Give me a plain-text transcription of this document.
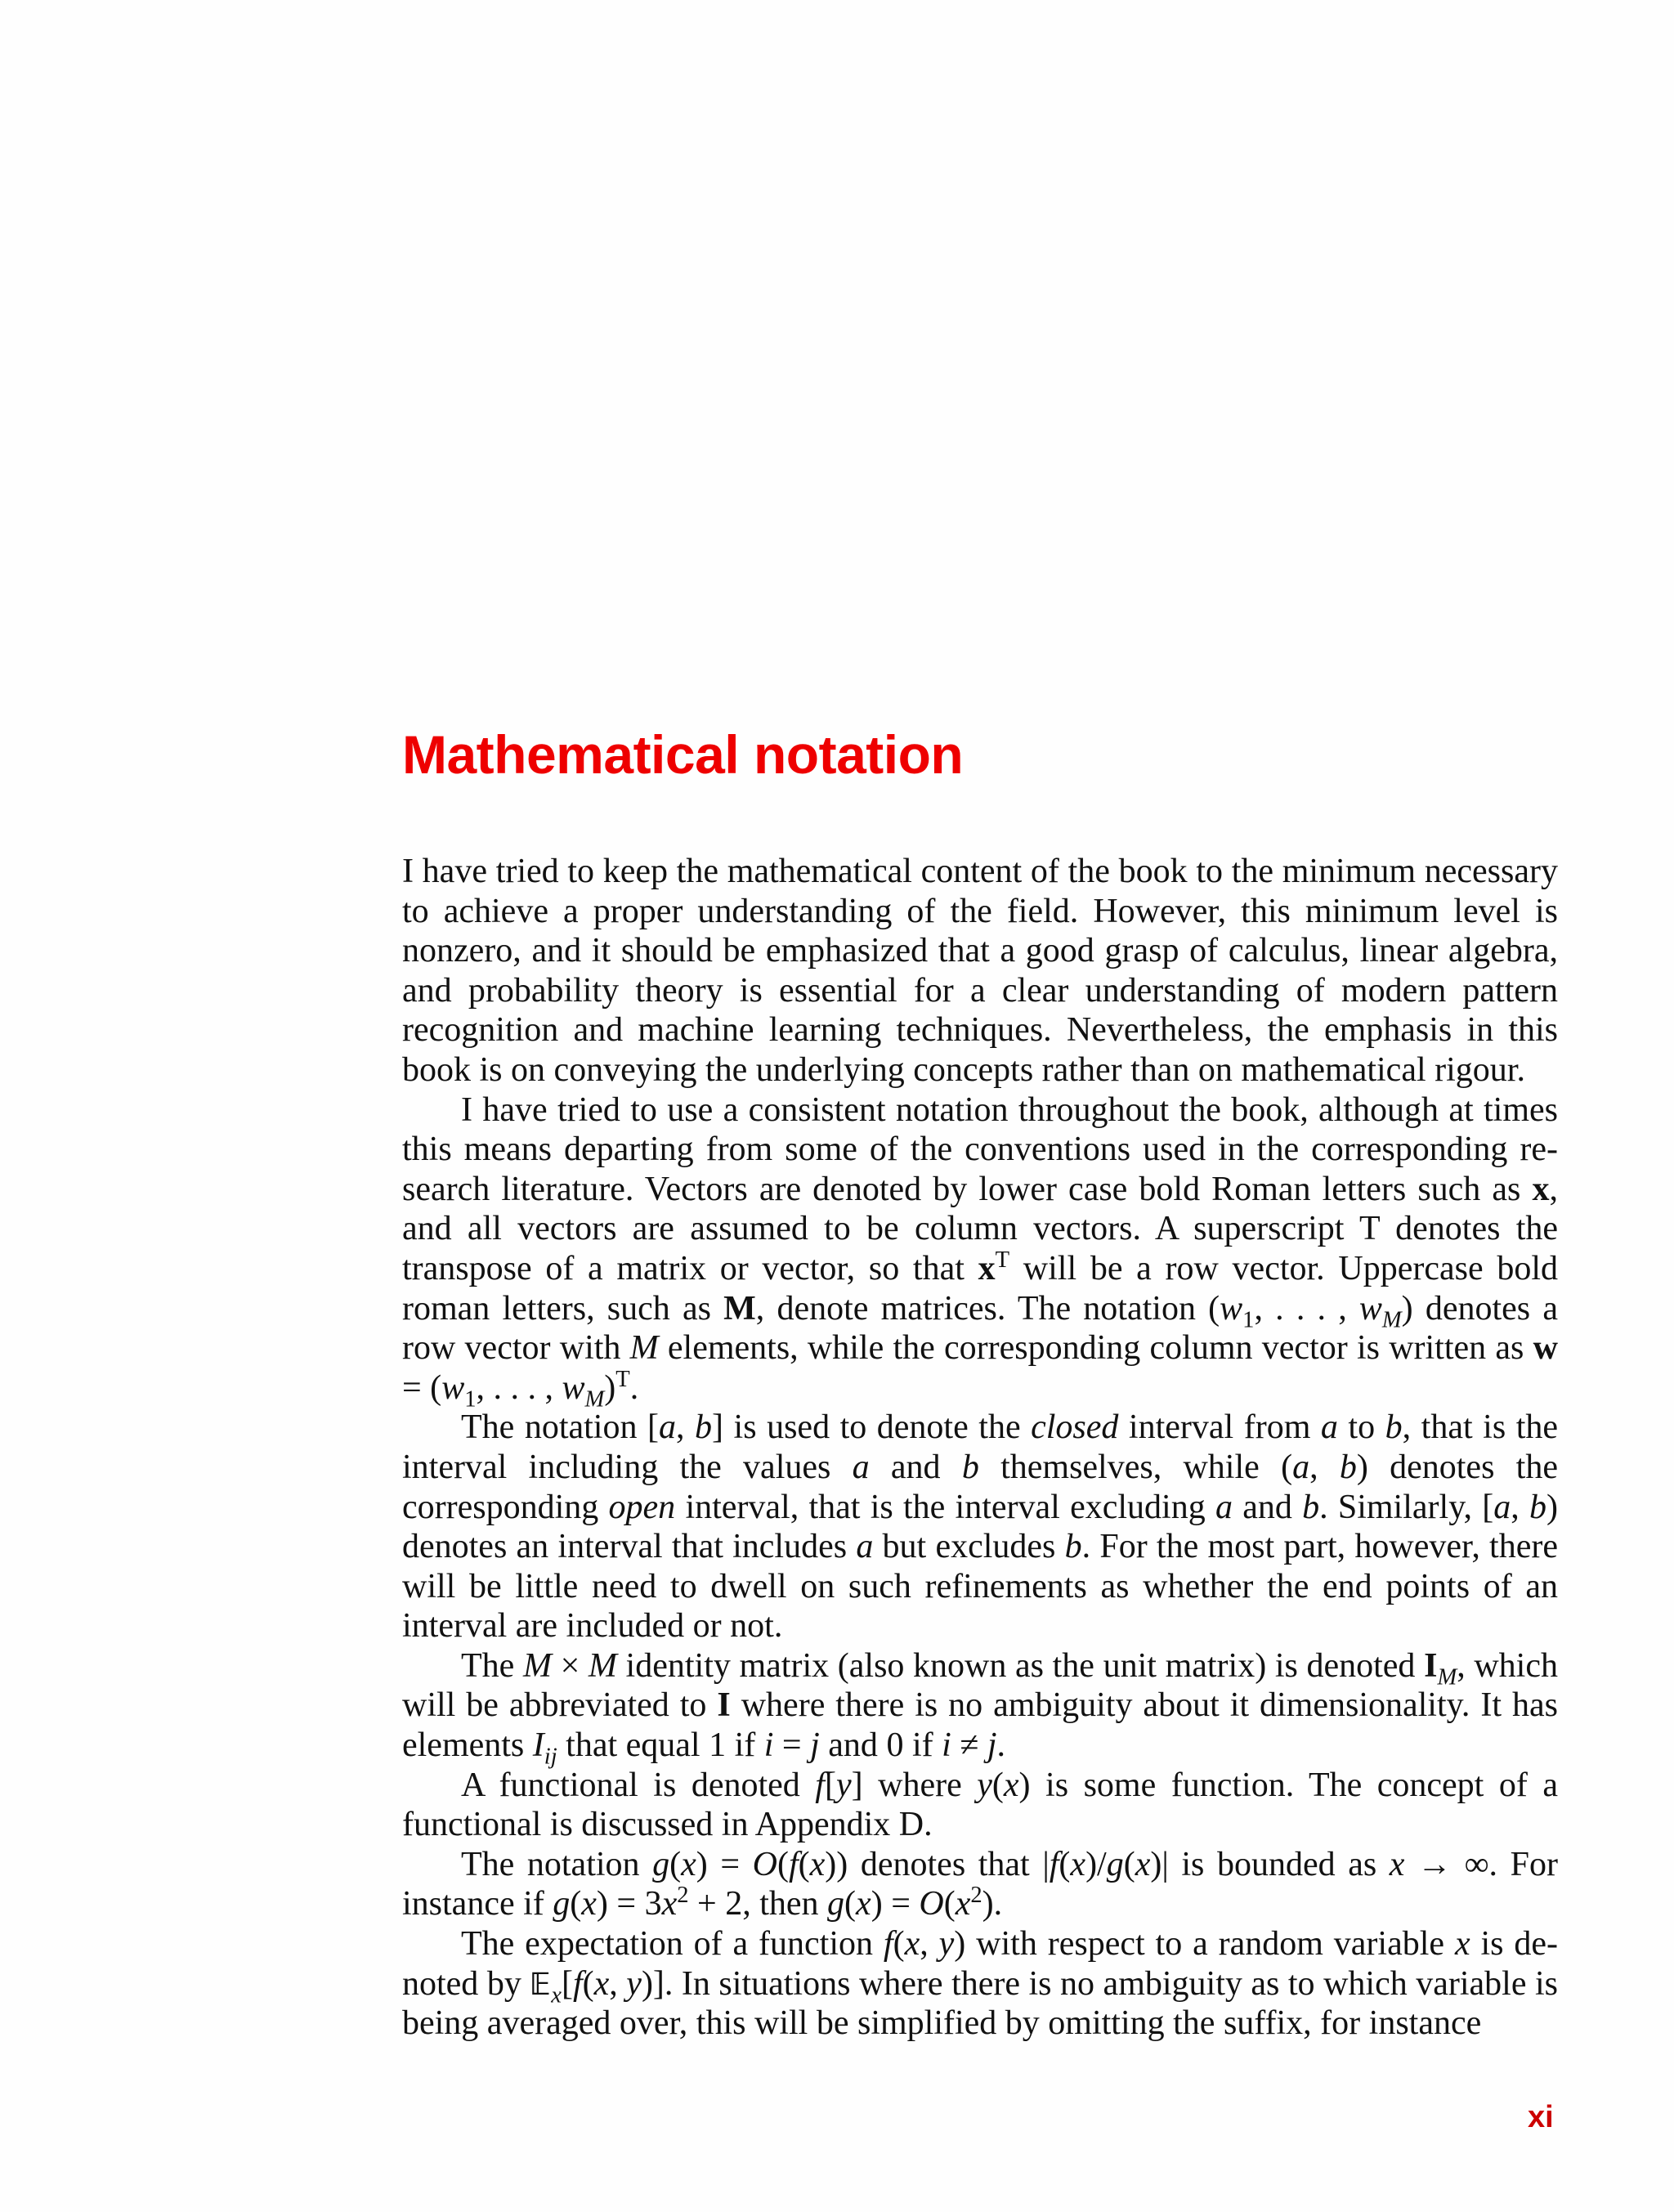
Mathematical notation

I have tried to keep the mathematical content of the book to the minimum necessary to achieve a proper understanding of the field. However, this minimum level is nonzero, and it should be emphasized that a good grasp of calculus, linear algebra, and probability theory is essential for a clear understanding of modern pattern recognition and machine learning techniques. Nevertheless, the emphasis in this book is on conveying the underlying concepts rather than on mathematical rigour.

I have tried to use a consistent notation throughout the book, although at times this means departing from some of the conventions used in the corresponding research literature. Vectors are denoted by lower case bold Roman letters such as x, and all vectors are assumed to be column vectors. A superscript T denotes the transpose of a matrix or vector, so that $x^T$ will be a row vector. Uppercase bold roman letters, such as M, denote matrices. The notation ($w_1$, . . . , $w_M$) denotes a row vector with M elements, while the corresponding column vector is written as $w = (w_1$, . . . , $w_M)^T$.

The notation [a, b] is used to denote the closed interval from a to b, that is the interval including the values a and b themselves, while (a, b) denotes the corresponding open interval, that is the interval excluding a and b. Similarly, [a, b) denotes an interval that includes a but excludes b. For the most part, however, there will be little need to dwell on such refinements as whether the end points of an interval are included or not.

The M × M identity matrix (also known as the unit matrix) is denoted $I_M$, which will be abbreviated to I where there is no ambiguity about it dimensionality. It has elements $I_{ij}$ that equal 1 if i = j and 0 if i ≠ j.

A functional is denoted f[y] where y(x) is some function. The concept of a functional is discussed in Appendix D.

The notation g(x) = O(f(x)) denotes that |f(x)/g(x)| is bounded as x → ∞. For instance if $g(x) = 3x^2 + 2$, then $g(x) = O(x^2)$.

The expectation of a function f(x, y) with respect to a random variable x is denoted by 𝔼$_x$[f(x, y)]. In situations where there is no ambiguity as to which variable is being averaged over, this will be simplified by omitting the suffix, for instance

xi
